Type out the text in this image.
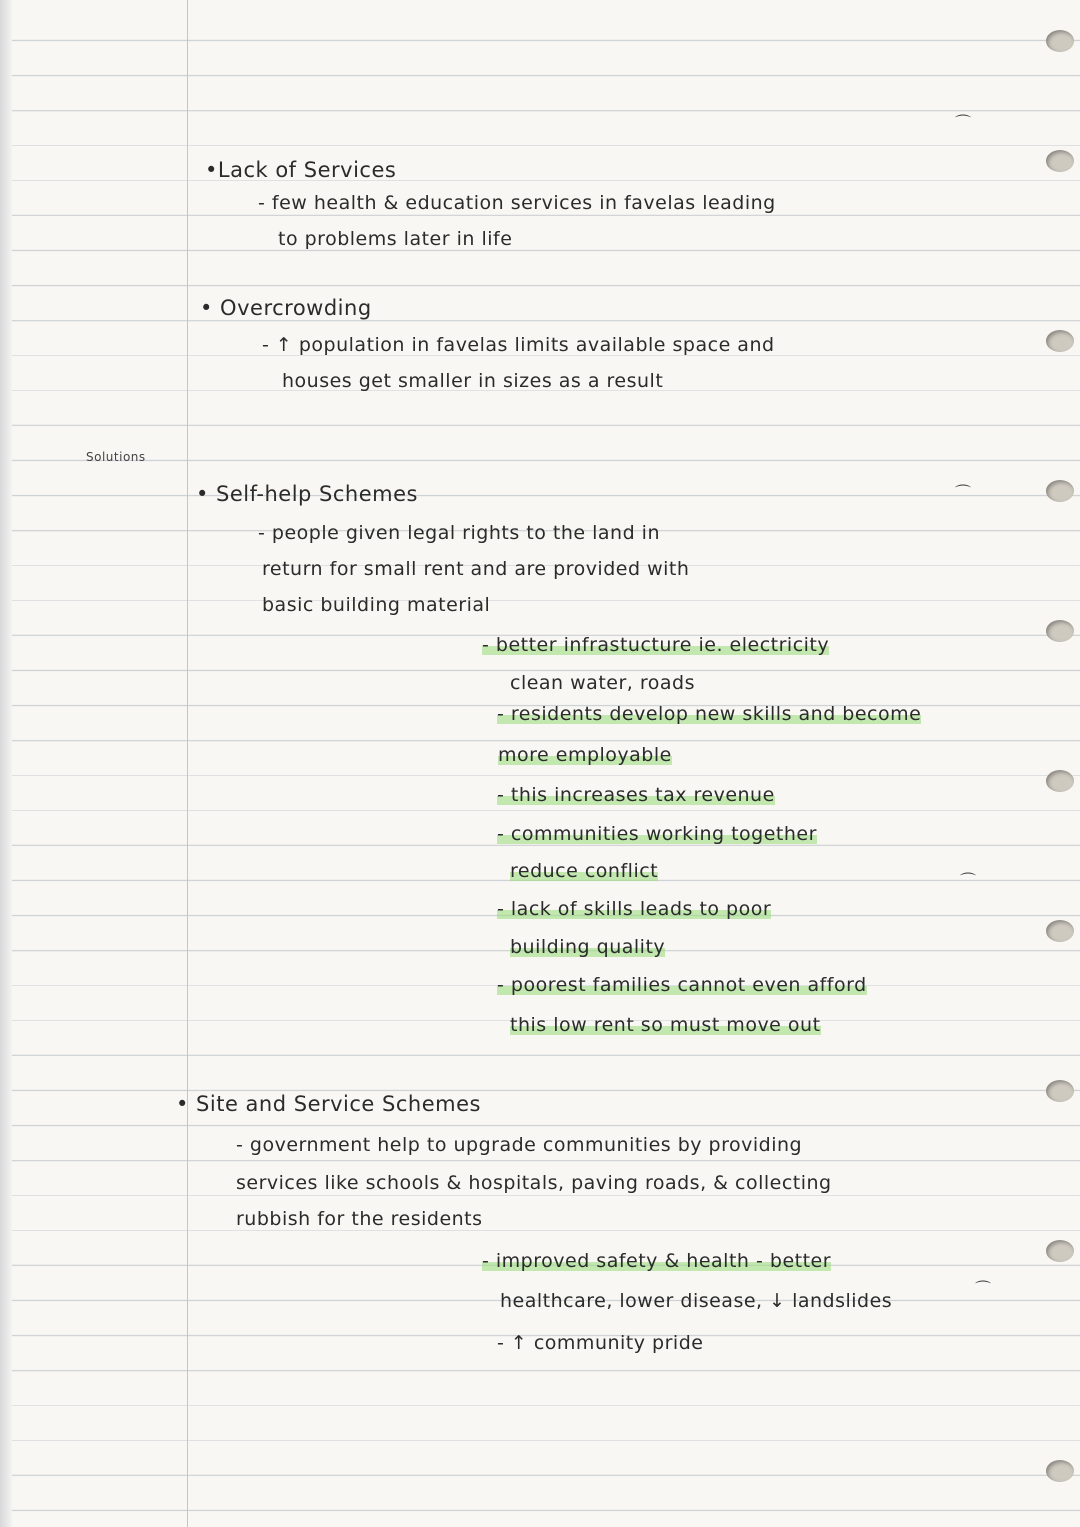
⌒
⌒
⌒
⌒
Solutions
•Lack of Services
- few health & education services in favelas leading
to problems later in life
• Overcrowding
- ↑ population in favelas limits available space and
houses get smaller in sizes as a result
• Self-help Schemes
- people given legal rights to the land in
return for small rent and are provided with
basic building material
- better infrastucture ie. electricity
clean water, roads
- residents develop new skills and become
more employable
- this increases tax revenue
- communities working together
reduce conflict
- lack of skills leads to poor
building quality
- poorest families cannot even afford
this low rent so must move out
• Site and Service Schemes
- government help to upgrade communities by providing
services like schools & hospitals, paving roads, & collecting
rubbish for the residents
- improved safety & health - better
healthcare, lower disease, ↓ landslides
- ↑ community pride
